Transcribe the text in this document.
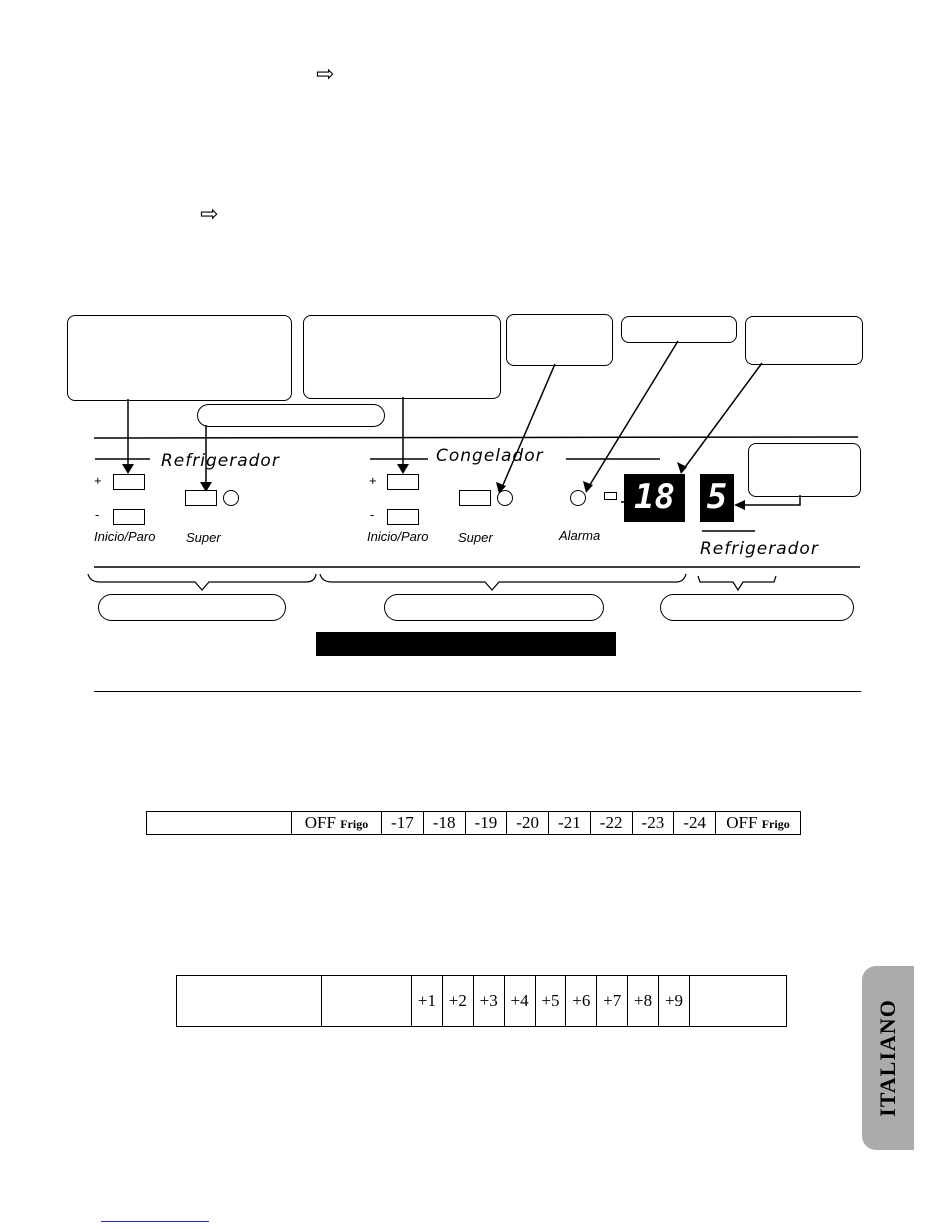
⇨
⇨
Refrigerador
+
-
Inicio/Paro Super
Congelador
+
-
Inicio/Paro Super	Alarma
18 5
Refrigerador
	OFF Frigo	-17	-18	-19	-20	-21	-22	-23	-24	OFF Frigo
		+1	+2	+3	+4	+5	+6	+7	+8	+9		ITALIANO
